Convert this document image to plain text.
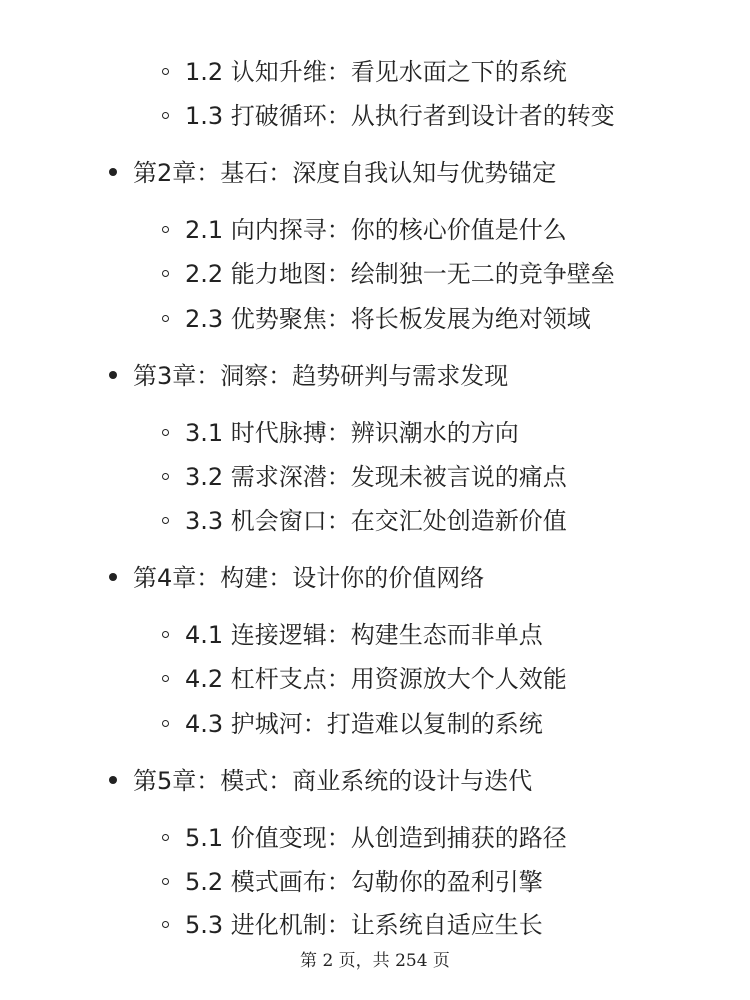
1.2 认知升维：看见水面之下的系统
1.3 打破循环：从执行者到设计者的转变
第2章：基石：深度自我认知与优势锚定
2.1 向内探寻：你的核心价值是什么
2.2 能力地图：绘制独一无二的竞争壁垒
2.3 优势聚焦：将长板发展为绝对领域
第3章：洞察：趋势研判与需求发现
3.1 时代脉搏：辨识潮水的方向
3.2 需求深潜：发现未被言说的痛点
3.3 机会窗口：在交汇处创造新价值
第4章：构建：设计你的价值网络
4.1 连接逻辑：构建生态而非单点
4.2 杠杆支点：用资源放大个人效能
4.3 护城河：打造难以复制的系统
第5章：模式：商业系统的设计与迭代
5.1 价值变现：从创造到捕获的路径
5.2 模式画布：勾勒你的盈利引擎
5.3 进化机制：让系统自适应生长
第 2 页，共 254 页
